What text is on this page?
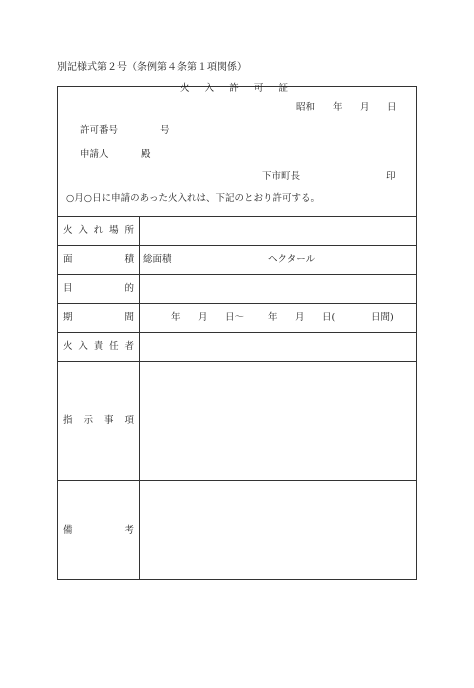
別記様式第２号（条例第４条第１項関係）
火 入 許 可 証
昭和 年 月 日
許可番号	号
申請人	殿
下市町長	印
○月○日に申請のあった火入れは、下記のとおり許可する。
火 入 れ 場 所
面	積 総面積	ヘクタール
目	的
期	間	年 月 日〜	年 月 日(	日間)
火 入 責 任 者
指 示 事 項
備	考
